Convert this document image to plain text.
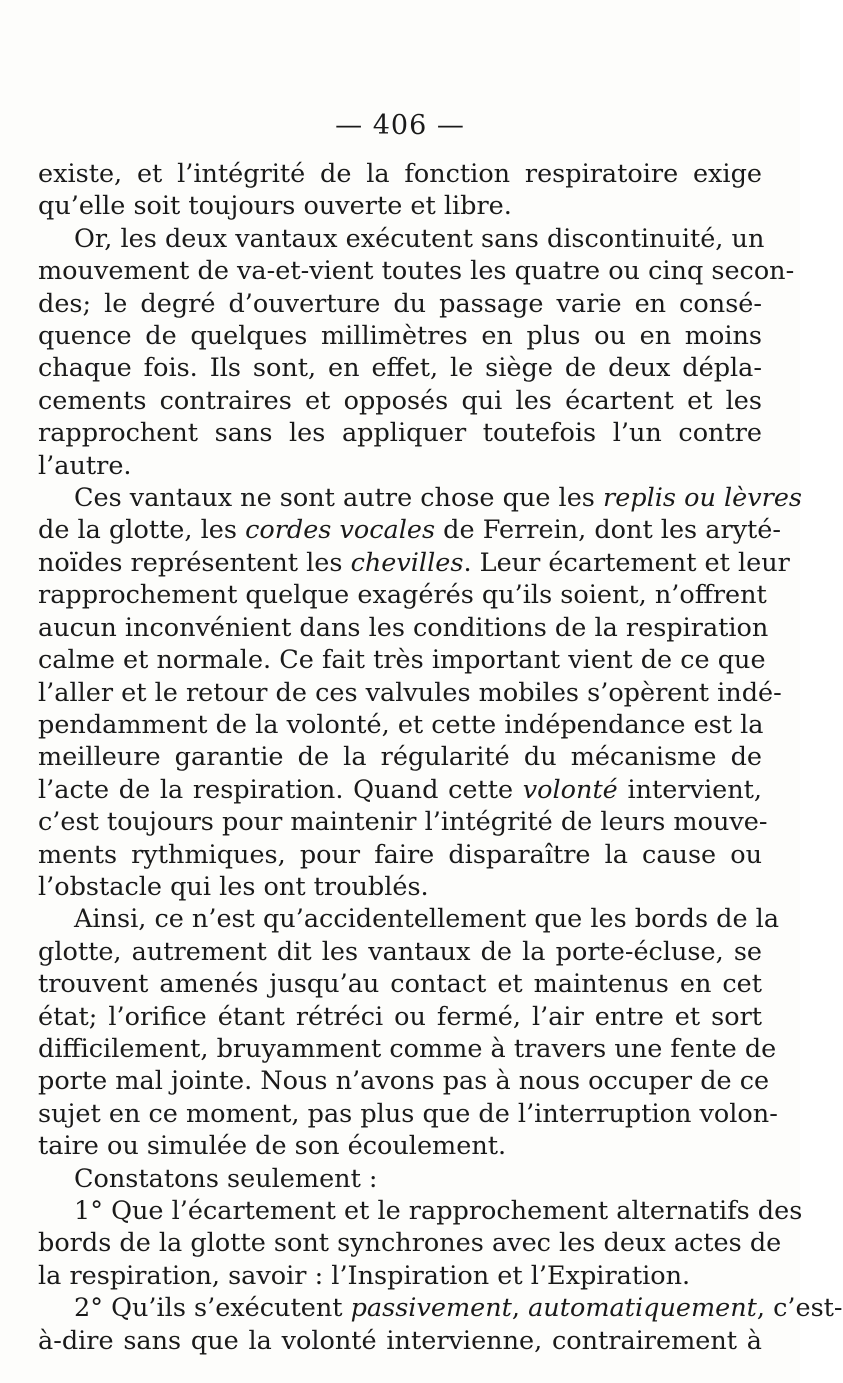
— 406 —

existe, et l’intégrité de la fonction respiratoire exige
qu’elle soit toujours ouverte et libre.

Or, les deux vantaux exécutent sans discontinuité, un
mouvement de va-et-vient toutes les quatre ou cinq secon-
des; le degré d’ouverture du passage varie en consé-
quence de quelques millimètres en plus ou en moins
chaque fois. Ils sont, en effet, le siège de deux dépla-
cements contraires et opposés qui les écartent et les
rapprochent sans les appliquer toutefois l’un contre
l’autre.

Ces vantaux ne sont autre chose que les replis ou lèvres
de la glotte, les cordes vocales de Ferrein, dont les aryté-
noïdes représentent les chevilles. Leur écartement et leur
rapprochement quelque exagérés qu’ils soient, n’offrent
aucun inconvénient dans les conditions de la respiration
calme et normale. Ce fait très important vient de ce que
l’aller et le retour de ces valvules mobiles s’opèrent indé-
pendamment de la volonté, et cette indépendance est la
meilleure garantie de la régularité du mécanisme de
l’acte de la respiration. Quand cette volonté intervient,
c’est toujours pour maintenir l’intégrité de leurs mouve-
ments rythmiques, pour faire disparaître la cause ou
l’obstacle qui les ont troublés.

Ainsi, ce n’est qu’accidentellement que les bords de la
glotte, autrement dit les vantaux de la porte-écluse, se
trouvent amenés jusqu’au contact et maintenus en cet
état; l’orifice étant rétréci ou fermé, l’air entre et sort
difficilement, bruyamment comme à travers une fente de
porte mal jointe. Nous n’avons pas à nous occuper de ce
sujet en ce moment, pas plus que de l’interruption volon-
taire ou simulée de son écoulement.

Constatons seulement :

1° Que l’écartement et le rapprochement alternatifs des
bords de la glotte sont synchrones avec les deux actes de
la respiration, savoir : l’Inspiration et l’Expiration.

2° Qu’ils s’exécutent passivement, automatiquement, c’est-
à-dire sans que la volonté intervienne, contrairement à
